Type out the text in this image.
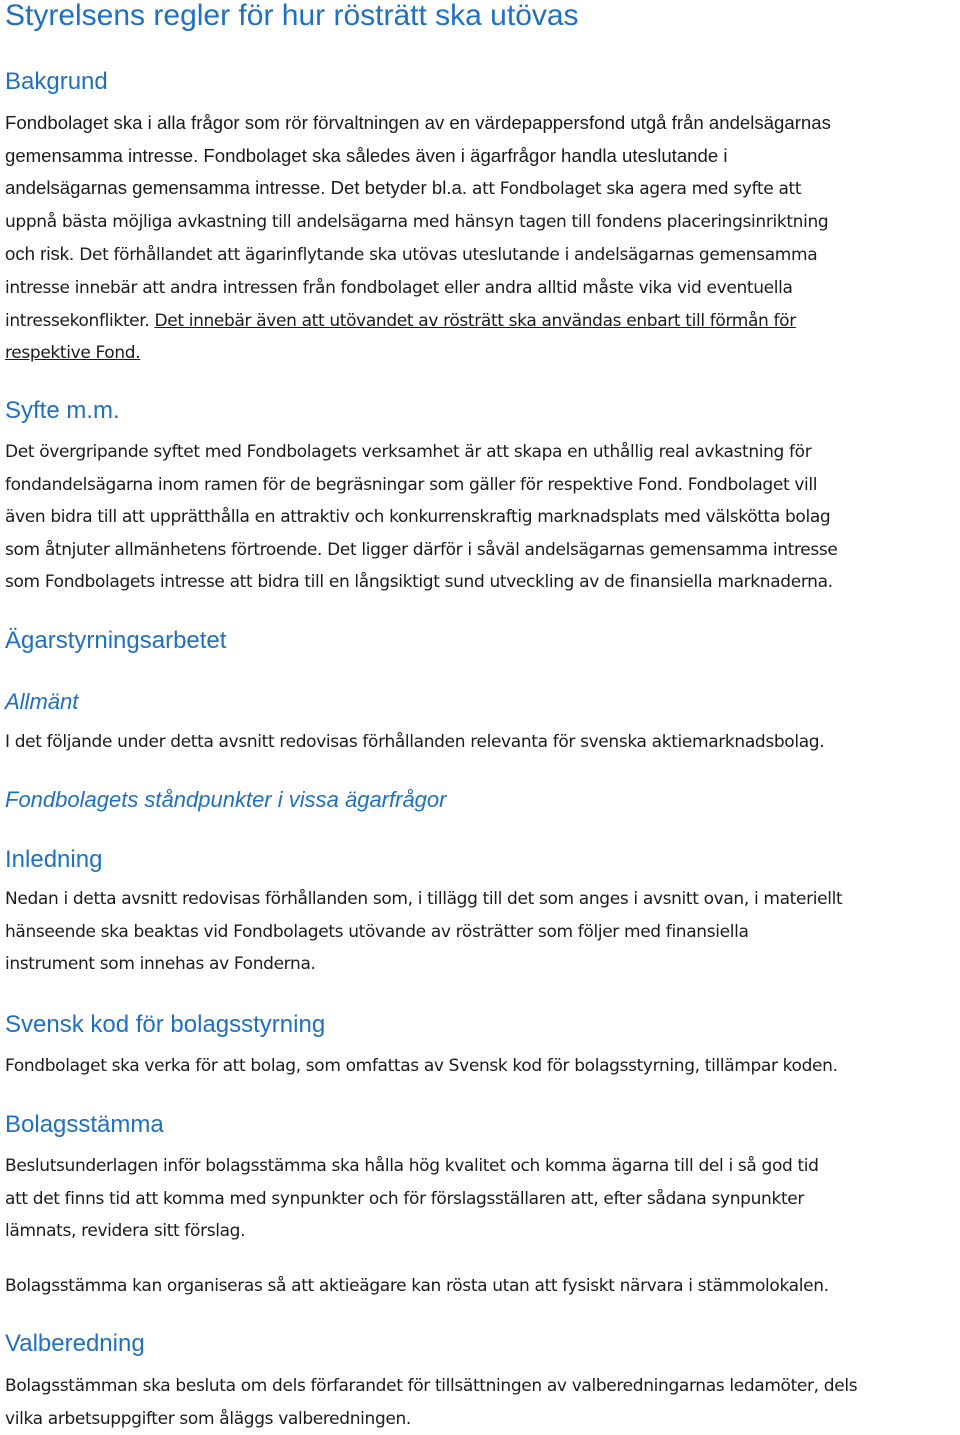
Styrelsens regler för hur rösträtt ska utövas
Bakgrund

Fondbolaget ska i alla frågor som rör förvaltningen av en värdepappersfond utgå från andelsägarnas

gemensamma intresse. Fondbolaget ska således även i ägarfrågor handla uteslutande i

andelsägarnas gemensamma intresse. Det betyder bl.a. att Fondbolaget ska agera med syfte att

uppnå bästa möjliga avkastning till andelsägarna med hänsyn tagen till fondens placeringsinriktning

och risk. Det förhållandet att ägarinflytande ska utövas uteslutande i andelsägarnas gemensamma

intresse innebär att andra intressen från fondbolaget eller andra alltid måste vika vid eventuella

intressekonflikter. Det innebär även att utövandet av rösträtt ska användas enbart till förmån för

respektive Fond.

Syfte m.m.

Det övergripande syftet med Fondbolagets verksamhet är att skapa en uthållig real avkastning för

fondandelsägarna inom ramen för de begräsningar som gäller för respektive Fond. Fondbolaget vill

även bidra till att upprätthålla en attraktiv och konkurrenskraftig marknadsplats med välskötta bolag

som åtnjuter allmänhetens förtroende. Det ligger därför i såväl andelsägarnas gemensamma intresse

som Fondbolagets intresse att bidra till en långsiktigt sund utveckling av de finansiella marknaderna.

Ägarstyrningsarbetet
Allmänt

I det följande under detta avsnitt redovisas förhållanden relevanta för svenska aktiemarknadsbolag.

Fondbolagets ståndpunkter i vissa ägarfrågor
Inledning

Nedan i detta avsnitt redovisas förhållanden som, i tillägg till det som anges i avsnitt ovan, i materiellt

hänseende ska beaktas vid Fondbolagets utövande av rösträtter som följer med finansiella

instrument som innehas av Fonderna.

Svensk kod för bolagsstyrning

Fondbolaget ska verka för att bolag, som omfattas av Svensk kod för bolagsstyrning, tillämpar koden.

Bolagsstämma

Beslutsunderlagen inför bolagsstämma ska hålla hög kvalitet och komma ägarna till del i så god tid

att det finns tid att komma med synpunkter och för förslagsställaren att, efter sådana synpunkter

lämnats, revidera sitt förslag.

Bolagsstämma kan organiseras så att aktieägare kan rösta utan att fysiskt närvara i stämmolokalen.

Valberedning

Bolagsstämman ska besluta om dels förfarandet för tillsättningen av valberedningarnas ledamöter, dels

vilka arbetsuppgifter som åläggs valberedningen.
